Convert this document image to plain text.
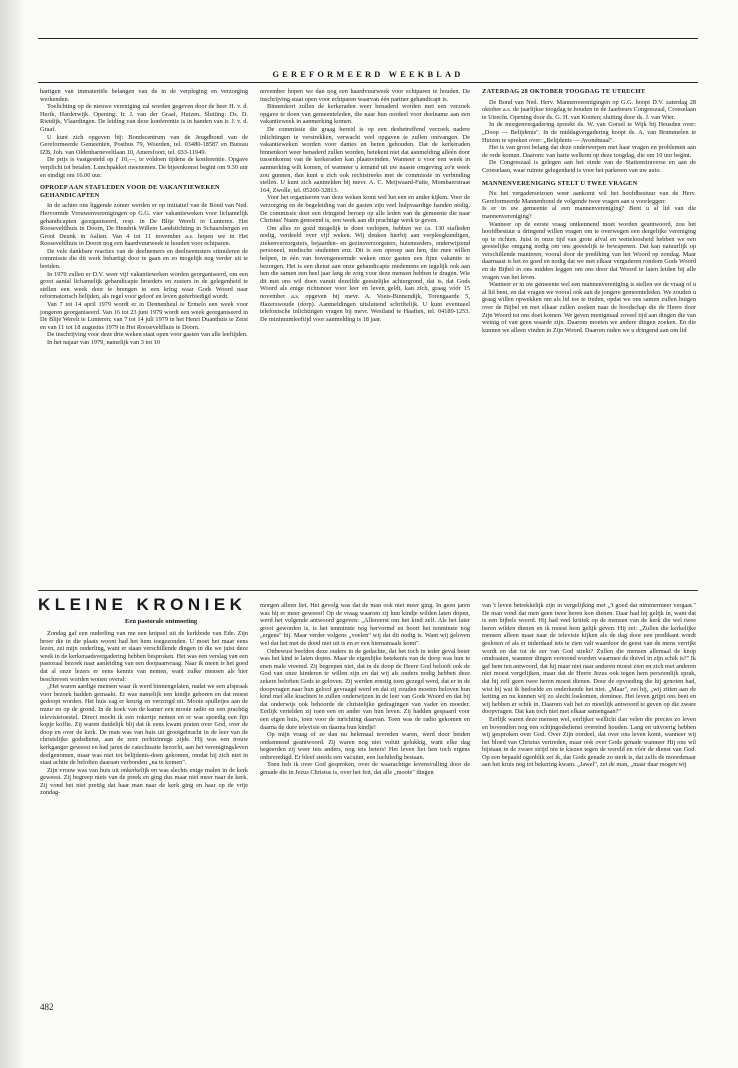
GEREFORMEERD WEEKBLAD

hartigen van immateriële belangen van de in de verpleging en verzorging werkenden.

Toelichting op de nieuwe vereniging zal worden gegeven door de heer H. v. d. Herik, Harderwijk. Opening: Ir. J. van der Graaf, Huizen. Sluiting: Ds. D. Rietdijk, Vlaardingen. De leiding van deze konferentie is in handen van ir. J. v. d. Graaf.

U kunt zich opgeven bij: Bondscentrum van de Jeugdbond van de Gereformeerde Gemeenten, Postbus 79, Woerden, tel. 03480-18587 en Bureau IZB, Joh. van Oldenbarneveltlaan 10, Amersfoort, tel. 033-11949.

De prijs is vastgesteld op ƒ 10,—, te voldoen tijdens de konferentie. Opgave verplicht tot betalen. Lunchpakket meenemen. De bijeenkomst begint om 9.30 uur en eindigt om 16.00 uur.

OPROEP AAN STAFLEDEN VOOR DE VAKANTIEWEKEN GEHANDICAPTEN

In de achter ons liggende zomer werden er op initiatief van de Bond van Ned. Hervormde Vrouwenverenigingen op G.G. vier vakantieweken voor lichamelijk gehandicapten georganiseerd, resp. in De Blije Werelt in Lunteren. Het Rooseveltlhuis in Doorn, De Hendrik Willem Landstichting in Schaarsbergen en Groot Deunk in Aalten. Van 4 tot 11 november a.s. hopen we in Het Rooseveltlhuis in Doorn nog een haardvuurweek te houden voor echtparen.

De vele dankbare reacties van de deelnemers en deelneemsters stimuleren de commissie die dit werk behartigt door te gaan en zo mogelijk nog verder uit te breiden.

In 1979 zullen er D.V. weer vijf vakantieweken worden georganiseerd, om een groot aantal lichamelijk gehandicapte broeders en zusters in de gelegenheid te stellen een week door te brengen in een kring waar Gods Woord naar reformatorisch belijden, als regel voor geloof en leven geëerbiedigd wordt.

Van 7 tot 14 april 1979 wordt er in Dennenheul te Ermelo een week voor jongeren georganiseerd. Van 16 tot 23 juni 1979 wordt een week georganiseerd in De Blije Werelt te Lunteren; van 7 tot 14 juli 1979 in het Henri Duanthuis te Zeist en van 11 tot 18 augustus 1979 in Het Rooseveltlhuis te Doorn.

De inschrijving voor deze drie weken staat open voor gasten van alle leeftijden.

In het najaar van 1979, namelijk van 3 tot 10

november hopen we dan nog een haardvuurweek voor echtparen te houden. De inschrijving staat open voor echtparen waarvan één partner gehandicapt is.

Binnenkort zullen de kerkeraden weer benaderd worden met een verzoek opgave te doen van gemeenteleden, die naar hun oordeel voor deelname aan een vakantieweek in aanmerking komen.

De commissie die graag bereid is op een desbetreffend verzoek nadere inlichtingen te verstrekken, verwacht veel opgaven te zullen ontvangen. De vakantieweken worden voor dames en heren gehouden. Dat de kerkeraden binnenkort weer benaderd zullen worden, betekent niet dat aanmelding alléén door tussenkomst van de kerkeraden kan plaatsvinden. Wanneer u voor een week in aanmerking wilt komen, of wanneer u iemand uit uw naaste omgeving zo'n week zou gunnen, dan kunt u zich ook rechtstreeks met de commissie in verbinding stellen. U kunt zich aanmelden bij mevr. A. C. Meijwaard-Fuite, Mombaerstraat 164, Zwolle, tel. 05200-32813.

Voor het organiseren van deze weken komt wel het een en ander kijken. Voor de verzorging en de begeleiding van de gasten zijn veel hulpvaardige handen nodig. De commissie doet een dringend beroep op alle leden van de gemeente die naar Christus' Naam genoemd is, een week aan dit prachtige werk te geven.

Om alles zo goed mogelijk te doen verlopen, hebben we ca. 130 stafleden nodig, verdeeld over vijf weken. Wij denken hierbij aan verpleegkundigen, ziekenverzorgsters, bejaarden- en gezinsverzorgsters, huismoeders, onderwijzend personeel, medische studenten enz. Dit is een oproep aan hen, die mee willen helpen, in één van bovengenoemde weken onze gasten een fijne vakantie te bezorgen. Het is een dienst aan onze gehandicapte medemens en tegelijk ook aan hen die samen een heel jaar lang de zorg voor deze mensen hebben te dragen. Wie dit met ons wil doen vanuit dezelfde geestelijke achtergrond, dat is, dat Gods Woord als enige richtsnoer voor leer en leven geldt, kan zich, graag vóór 15 november a.s. opgeven bij mevr. A. Voets-Binnendijk, Torengaarde 5, Hazerswoude (dorp). Aanmeldingen uitsluitend schriftelijk. U kunt eventueel telefonische inlichtingen vragen bij mevr. Westland te Haaften, tel. 04189-1253. De minimumleeftijd voor aanmelding is 18 jaar.

ZATERDAG 28 OKTOBER TOOGDAG TE UTRECHT

De Bond van Ned. Herv. Mannenverenigingen op G.G. hoopt D.V. zaterdag 28 oktober a.s. de jaarlijkse toogdag te houden in de Jaarbeurs Congreszaal, Croeselaan te Utrecht. Opening door ds. G. H. van Kooten; sluiting door ds. J. van Wier.

In de morgenvergadering spreekt ds. W. van Gorsel te Wijk bij Heusden over: „Doop — Belijdenis". In de middagvergadering hoopt ds. A. van Brummelen te Huizen te spreken over: „Belijdenis — Avondmaal".

Het is van groot belang dat deze onderwerpen met haar vragen en problemen aan de orde komen. Daarom: van harte welkom op deze toogdag, die om 10 uur begint.

De Congreszaal is gelegen aan het einde van de Stationstraverse en aan de Croeselaan, waar ruimte gelegenheid is voor het parkeren van uw auto.

MANNENVERENIGING STELT U TWEE VRAGEN

Nu het vergaderseizoen weer aankomt wil het hoofdbestuur van de Herv. Gereformeerde Mannenbond de volgende twee vragen aan u voorleggen:

Is er in uw gemeente al een mannenvereniging? Bent u al lid van die mannenvereniging?

Wanneer op de eerste vraag ontkennend moet worden geantwoord, zou het hoofdbestuur u dringend willen vragen om te overwegen een dergelijke vereniging op te richten. Juist in onze tijd van grote afval en wetteloosheid hebben we een geestelijke omgang nodig om ons geestelijk te bewapenen. Dat kan natuurlijk op verschillende manieren, vooral door de prediking van het Woord op zondag. Maar daarnaast is het zo goed en nodig dat we met elkaar vergaderen rondom Gods Woord en de Bijbel in ons midden leggen om ons door dat Woord te laten leiden bij alle vragen van het leven.

Wanneer er in uw gemeente wel een mannenvereniging is stellen we de vraag of u al lid bent, en dat vragen we vooral ook aan de jongere gemeenteleden. We zouden u graag willen opwekken om als lid toe te treden, opdat we ons samen zullen buigen over de Bijbel en met elkaar zullen zoeken naar de boodschap die de Heere door Zijn Woord tot ons doet komen. We geven menigmaal zoveel tijd aan dingen die van weinig of van geen waarde zijn. Daarom moeten we andere dingen zoeken. En die kunnen we alleen vinden in Zijn Woord. Daarom raden we u dringend aan om lid

KLEINE KRONIEK
Een pastorale ontmoeting

Zondag gaf een ouderling van me een knipsel uit de kerkbode van Ede. Zijn broer die in die plaats woont had het hem toegezonden. U moet het maar eens lezen, zei mijn ouderling, want er staan verschillende dingen in die we juist deze week in de kerkeraadsvergadering hebben besproken. Het was een verslag van een pastoraal bezoek naar aanleiding van een doopaanvraag. Naar ik meen is het goed dat al onze lezers er eens kennis van nemen, want zulke mensen als hier beschreven worden wonen overal:

„Het waren aardige mensen waar ik werd binnengelaten, nadat we een afspraak voor bezoek hadden gemaakt. Er was namelijk een kindje geboren en dat moest gedoopt worden. Het huis zag er keurig en verzorgd uit. Mooie spulletjes aan de muur en op de grond. In de hoek van de kamer een mooie radio en een prachtig televisietoestel. Direct mocht ik een rokertje nemen en er was spoedig een fijn kopje koffie. Zij waren duidelijk blij dat ik eens kwam praten over God, over de doop en over de kerk. De man was van huis uit grootgebracht in de leer van de christelijke godsdienst, aan de zeer rechtzinnige zijde. Hij was een trouw kerkganger geweest en had jaren de catechisatie bezocht, aan het verenigingsleven deelgenomen, maar was niet tot belijdenis-doen gekomen, omdat hij zich niet in staat achtte de beloften daaraan verbonden „na te komen".

Zijn vrouw was van huis uit onkerkelijk en was slechts enige malen in de kerk geweest. Zij begreep niets van de preek en ging dus maar niet meer naar de kerk. Zij vond het niet prettig dat haar man naar de kerk ging en haar op de vrije zondag-

morgen alleen liet. Het gevolg was dat de man ook niet meer ging. In geen jaren was hij er meer geweest! Op de vraag waarom zij hun kindje wilden laten dopen, werd het volgende antwoord gegeven: „Allereerst om het kind zelf. Als het later groot geworden is, is het tenminste nog hervormd en hoort het tenminste nog „ergens" bij. Maar verder volgens „voelen" wij dat dit nodig is. Want wij geloven wel dat het met de dood niet uit is en er een hiernamaals komt".

Onbewust beefden deze ouders in de gedachte, dat het toch in ieder geval beter was het kind te laten dopen. Maar de eigenlijke betekenis van de doop was hun te enen male vreemd. Zij begrepen niet, dat in de doop de Heere God belooft ook de God van onze kinderen te willen zijn en dat wij als ouders nodig hebben deze zekere beloften Gods te geloven. Zij werden ernstig toen gezegd werd, dat er in de doopvragen naar hun geloof gevraagd werd en dat zij zouden moeten beloven hun kind met alle krachten te zullen onderwijzen in de leer van Gods Woord en dat bij dat onderwijs ook behoorde de christelijke gedragingen van vader en moeder. Eerlijk vertelden zij toen een en ander van hun leven. Zij hadden gespaard voor een eigen huis, toen voor de inrichting daarvan. Toen was de radio gekomen en daarna de dure televisie en daarna hun kindje!

Op mijn vraag of ze dan nu helemaal tevreden waren, werd door beiden ontkennend geantwoord. Zij waren nog niet voluit gelukkig, want elke dag begeerden zij weer iets anders, nog iets beters! Het leven liet hen toch ergens onbevredigd. Er bleef steeds een vacuüm, een luchtledig bestaan.

Toen heb ik over God gesproken, over de waarachtige levensvulling door de genade die in Jezus Christus is, over het feit, dat alle „mooie" dingen

van 't leven betrekkelijk zijn in vergelijking met „'t goed dat nimmermeer vergaat." De man vond dat men geen twee heren kon dienen. Daar had hij gelijk in, want dat is een bijbels woord. Hij had veel kritiek op de mensen van de kerk die wel twee heren wilden dienen en ik moest hem gelijk geven. Hij zei: „Zullen die kerkelijke mensen alleen maar naar de televisie kijken als de dag door een predikant wordt gesloten of als er inderdaad iets te zien valt waardoor de geest van de mens verrijkt wordt en dat tot de eer van God strekt? Zullen die mensen allemaal de knop omdraaien, wanneer dingen vertoond worden waarmee de duivel in zijn schik is?" Ik gaf hem ten antwoord, dat hij maar niet naar anderen moest zien en zich met anderen niet moest vergelijken, maar dat de Heere Jezus ook tegen hem persoonlijk sprak, dat hij zelf geen twee heren moest dienen. Door de opvoeding die hij genoten had, wist hij wat ik bedoelde en onderkende het niet. „Maar", zei hij, „wij zitten aan de ketting en nu kunnen wij zo slecht loskomen, dominee. Het leven grijpt ons beet en wij hebben er schik in. Daarom valt het zo moeilijk antwoord te geven op die zware doopvragen. Dat kan toch niet met elkaar samengaan?"

Eerlijk waren deze mensen wel, eerlijker wellicht dan velen die precies zo leven en bovendien nog een schijngodsdienst overeind houden. Lang en uitvoerig hebben wij gesproken over God. Over Zijn oordeel, dat over ons leven komt, wanneer wij het bloed van Christus vertreden, maar ook over Gods genade wanneer Hij ons wil bijstaan in de zware strijd om te kiezen tegen de wereld en vóór de dienst van God. Op een bepaald ogenblik zei ik, dat Gods genade zo sterk is, dat zelfs de moordenaar aan het kruis nog tot bekering kwam. „Jawel", zei de man, „maar daar mogen wij

482
